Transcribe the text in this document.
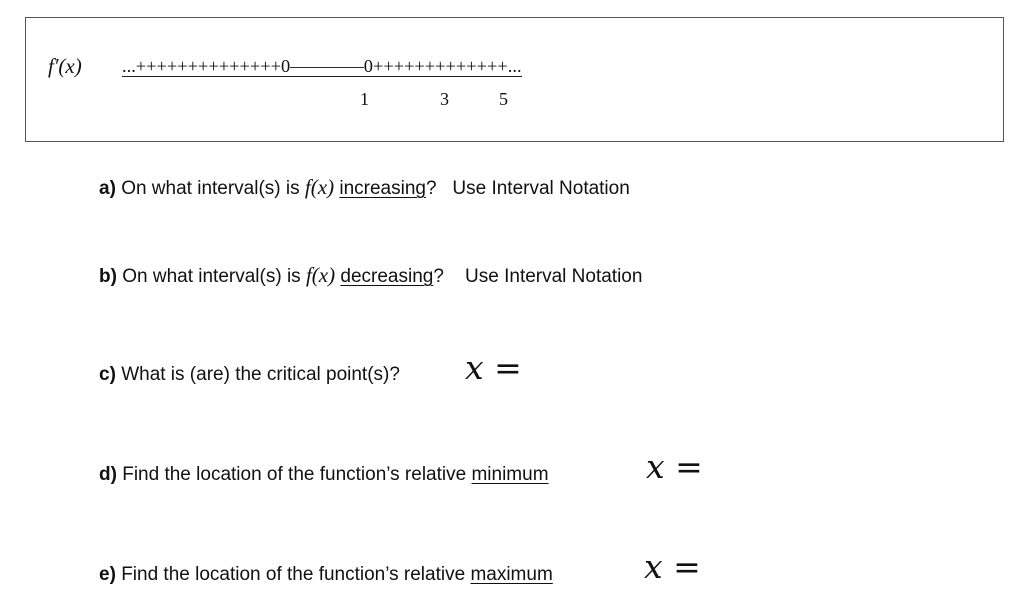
f′(x) ...++++++++++++++0––––––––0+++++++++++++...
1	3	5
a) On what interval(s) is f(x) increasing?   Use Interval Notation
b) On what interval(s) is f(x) decreasing?    Use Interval Notation
c) What is (are) the critical point(s)? x =
d) Find the location of the function’s relative minimum	x =
e) Find the location of the function’s relative maximum	x =
